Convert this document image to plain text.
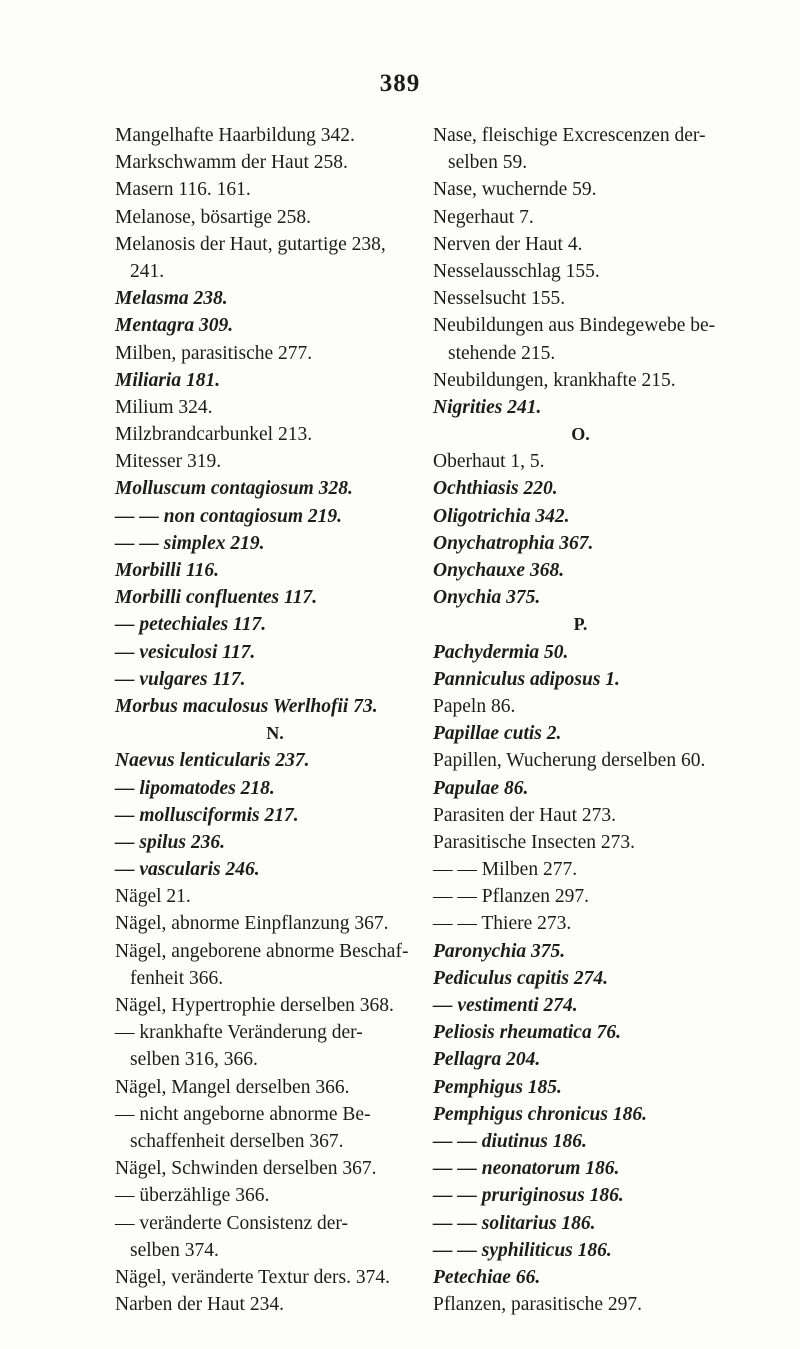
389
Mangelhafte Haarbildung 342.
Markschwamm der Haut 258.
Masern 116. 161.
Melanose, bösartige 258.
Melanosis der Haut, gutartige 238,
241.
Melasma 238.
Mentagra 309.
Milben, parasitische 277.
Miliaria 181.
Milium 324.
Milzbrandcarbunkel 213.
Mitesser 319.
Molluscum contagiosum 328.
— — non contagiosum 219.
— — simplex 219.
Morbilli 116.
Morbilli confluentes 117.
— petechiales 117.
— vesiculosi 117.
— vulgares 117.
Morbus maculosus Werlhofii 73.
N.
Naevus lenticularis 237.
— lipomatodes 218.
— mollusciformis 217.
— spilus 236.
— vascularis 246.
Nägel 21.
Nägel, abnorme Einpflanzung 367.
Nägel, angeborene abnorme Beschaf-
fenheit 366.
Nägel, Hypertrophie derselben 368.
— krankhafte Veränderung der-
selben 316, 366.
Nägel, Mangel derselben 366.
— nicht angeborne abnorme Be-
schaffenheit derselben 367.
Nägel, Schwinden derselben 367.
— überzählige 366.
— veränderte Consistenz der-
selben 374.
Nägel, veränderte Textur ders. 374.
Narben der Haut 234.
Nase, fleischige Excrescenzen der-
selben 59.
Nase, wuchernde 59.
Negerhaut 7.
Nerven der Haut 4.
Nesselausschlag 155.
Nesselsucht 155.
Neubildungen aus Bindegewebe be-
stehende 215.
Neubildungen, krankhafte 215.
Nigrities 241.
O.
Oberhaut 1, 5.
Ochthiasis 220.
Oligotrichia 342.
Onychatrophia 367.
Onychauxe 368.
Onychia 375.
P.
Pachydermia 50.
Panniculus adiposus 1.
Papeln 86.
Papillae cutis 2.
Papillen, Wucherung derselben 60.
Papulae 86.
Parasiten der Haut 273.
Parasitische Insecten 273.
— — Milben 277.
— — Pflanzen 297.
— — Thiere 273.
Paronychia 375.
Pediculus capitis 274.
— vestimenti 274.
Peliosis rheumatica 76.
Pellagra 204.
Pemphigus 185.
Pemphigus chronicus 186.
— — diutinus 186.
— — neonatorum 186.
— — pruriginosus 186.
— — solitarius 186.
— — syphiliticus 186.
Petechiae 66.
Pflanzen, parasitische 297.
